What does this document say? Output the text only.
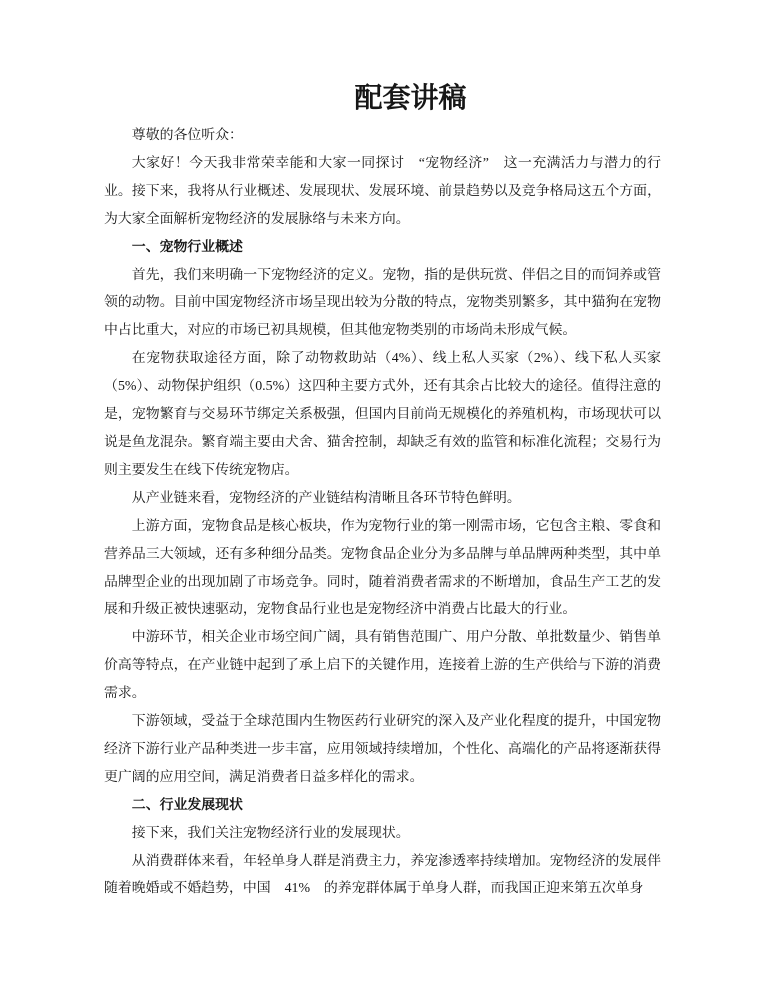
配套讲稿

尊敬的各位听众：

大家好！今天我非常荣幸能和大家一同探讨　“宠物经济”　这一充满活力与潜力的行业。接下来，我将从行业概述、发展现状、发展环境、前景趋势以及竞争格局这五个方面，为大家全面解析宠物经济的发展脉络与未来方向。

一、宠物行业概述

首先，我们来明确一下宠物经济的定义。宠物，指的是供玩赏、伴侣之目的而饲养或管领的动物。目前中国宠物经济市场呈现出较为分散的特点，宠物类别繁多，其中猫狗在宠物中占比重大，对应的市场已初具规模，但其他宠物类别的市场尚未形成气候。

在宠物获取途径方面，除了动物救助站（4%）、线上私人买家（2%）、线下私人买家（5%）、动物保护组织（0.5%）这四种主要方式外，还有其余占比较大的途径。值得注意的是，宠物繁育与交易环节绑定关系极强，但国内目前尚无规模化的养殖机构，市场现状可以说是鱼龙混杂。繁育端主要由犬舍、猫舍控制，却缺乏有效的监管和标准化流程；交易行为则主要发生在线下传统宠物店。

从产业链来看，宠物经济的产业链结构清晰且各环节特色鲜明。

上游方面，宠物食品是核心板块，作为宠物行业的第一刚需市场，它包含主粮、零食和营养品三大领域，还有多种细分品类。宠物食品企业分为多品牌与单品牌两种类型，其中单品牌型企业的出现加剧了市场竞争。同时，随着消费者需求的不断增加，食品生产工艺的发展和升级正被快速驱动，宠物食品行业也是宠物经济中消费占比最大的行业。

中游环节，相关企业市场空间广阔，具有销售范围广、用户分散、单批数量少、销售单价高等特点，在产业链中起到了承上启下的关键作用，连接着上游的生产供给与下游的消费需求。

下游领域，受益于全球范围内生物医药行业研究的深入及产业化程度的提升，中国宠物经济下游行业产品种类进一步丰富，应用领域持续增加，个性化、高端化的产品将逐渐获得更广阔的应用空间，满足消费者日益多样化的需求。

二、行业发展现状

接下来，我们关注宠物经济行业的发展现状。

从消费群体来看，年轻单身人群是消费主力，养宠渗透率持续增加。宠物经济的发展伴随着晚婚或不婚趋势，中国　41%　的养宠群体属于单身人群，而我国正迎来第五次单身
